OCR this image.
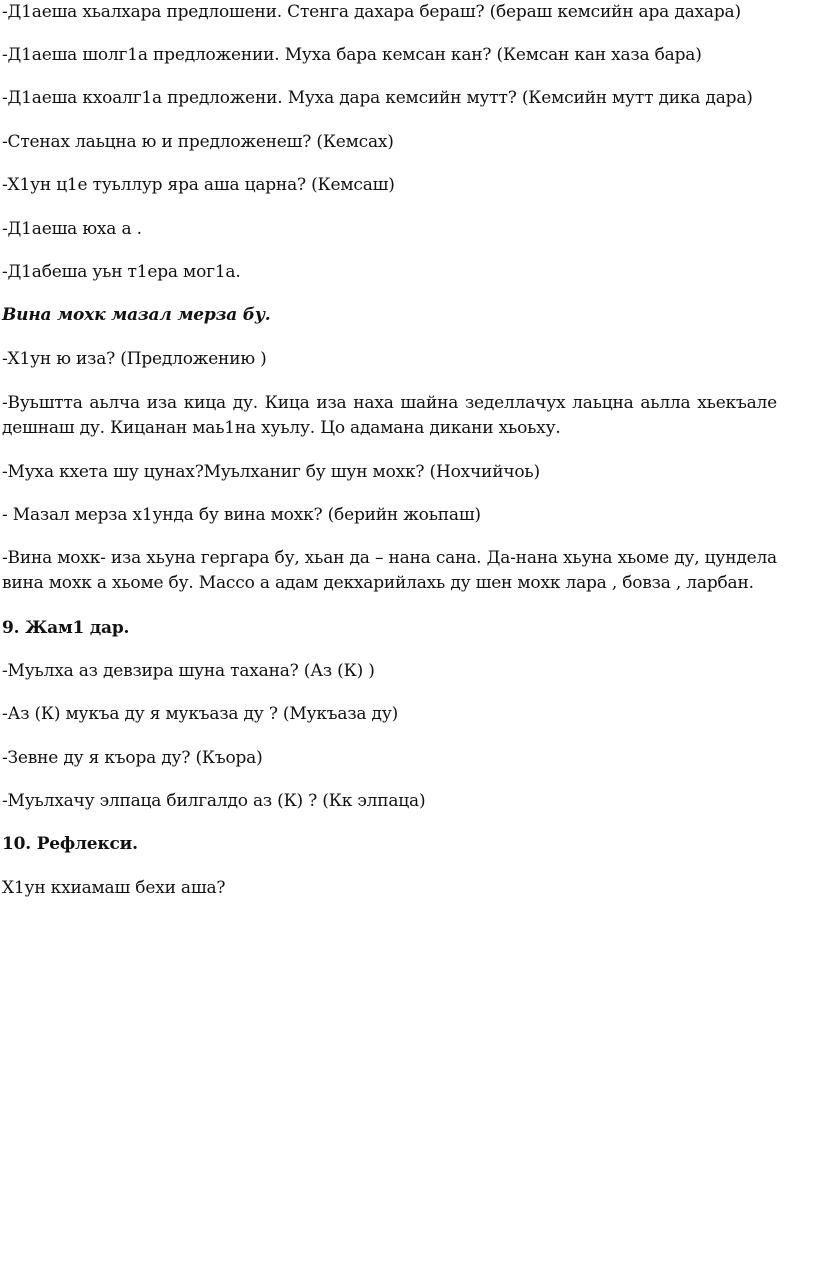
-Д1аеша хьалхара предлошени. Стенга дахара бераш? (бераш кемсийн ара дахара)
-Д1аеша шолг1а предложении. Муха бара кемсан кан? (Кемсан кан хаза бара)
-Д1аеша кхоалг1а предложени. Муха дара кемсийн мутт? (Кемсийн мутт дика дара)
-Стенах лаьцна ю и предложенеш? (Кемсах)
-Х1ун ц1е туьллур яра аша царна? (Кемсаш)
-Д1аеша юха а .
-Д1абеша уьн т1ера мог1а.
Вина мохк мазал мерза бу.
-Х1ун ю иза? (Предложению )
-Вуьштта аьлча иза кица ду. Кица иза наха шайна зеделлачух лаьцна аьлла хьекъале дешнаш ду. Кицанан маь1на хуьлу. Цо адамана дикани хьоьху.
-Муха кхета шу цунах?Муьлханиг бу шун мохк? (Нохчийчоь)
- Мазал мерза х1унда бу вина мохк? (берийн жоьпаш)
-Вина мохк- иза хьуна гергара бу, хьан да – нана сана. Да-нана хьуна хьоме ду, цундела вина мохк а хьоме бу. Массо а адам декхарийлахь ду шен мохк лара , бовза , ларбан.
9. Жам1 дар.
-Муьлха аз девзира шуна тахана? (Аз (К) )
-Аз (К) мукъа ду я мукъаза ду ? (Мукъаза ду)
-Зевне ду я къора ду? (Къора)
-Муьлхачу элпаца билгалдо аз (К) ? (Кк элпаца)
10. Рефлекси.
Х1ун кхиамаш бехи аша?
